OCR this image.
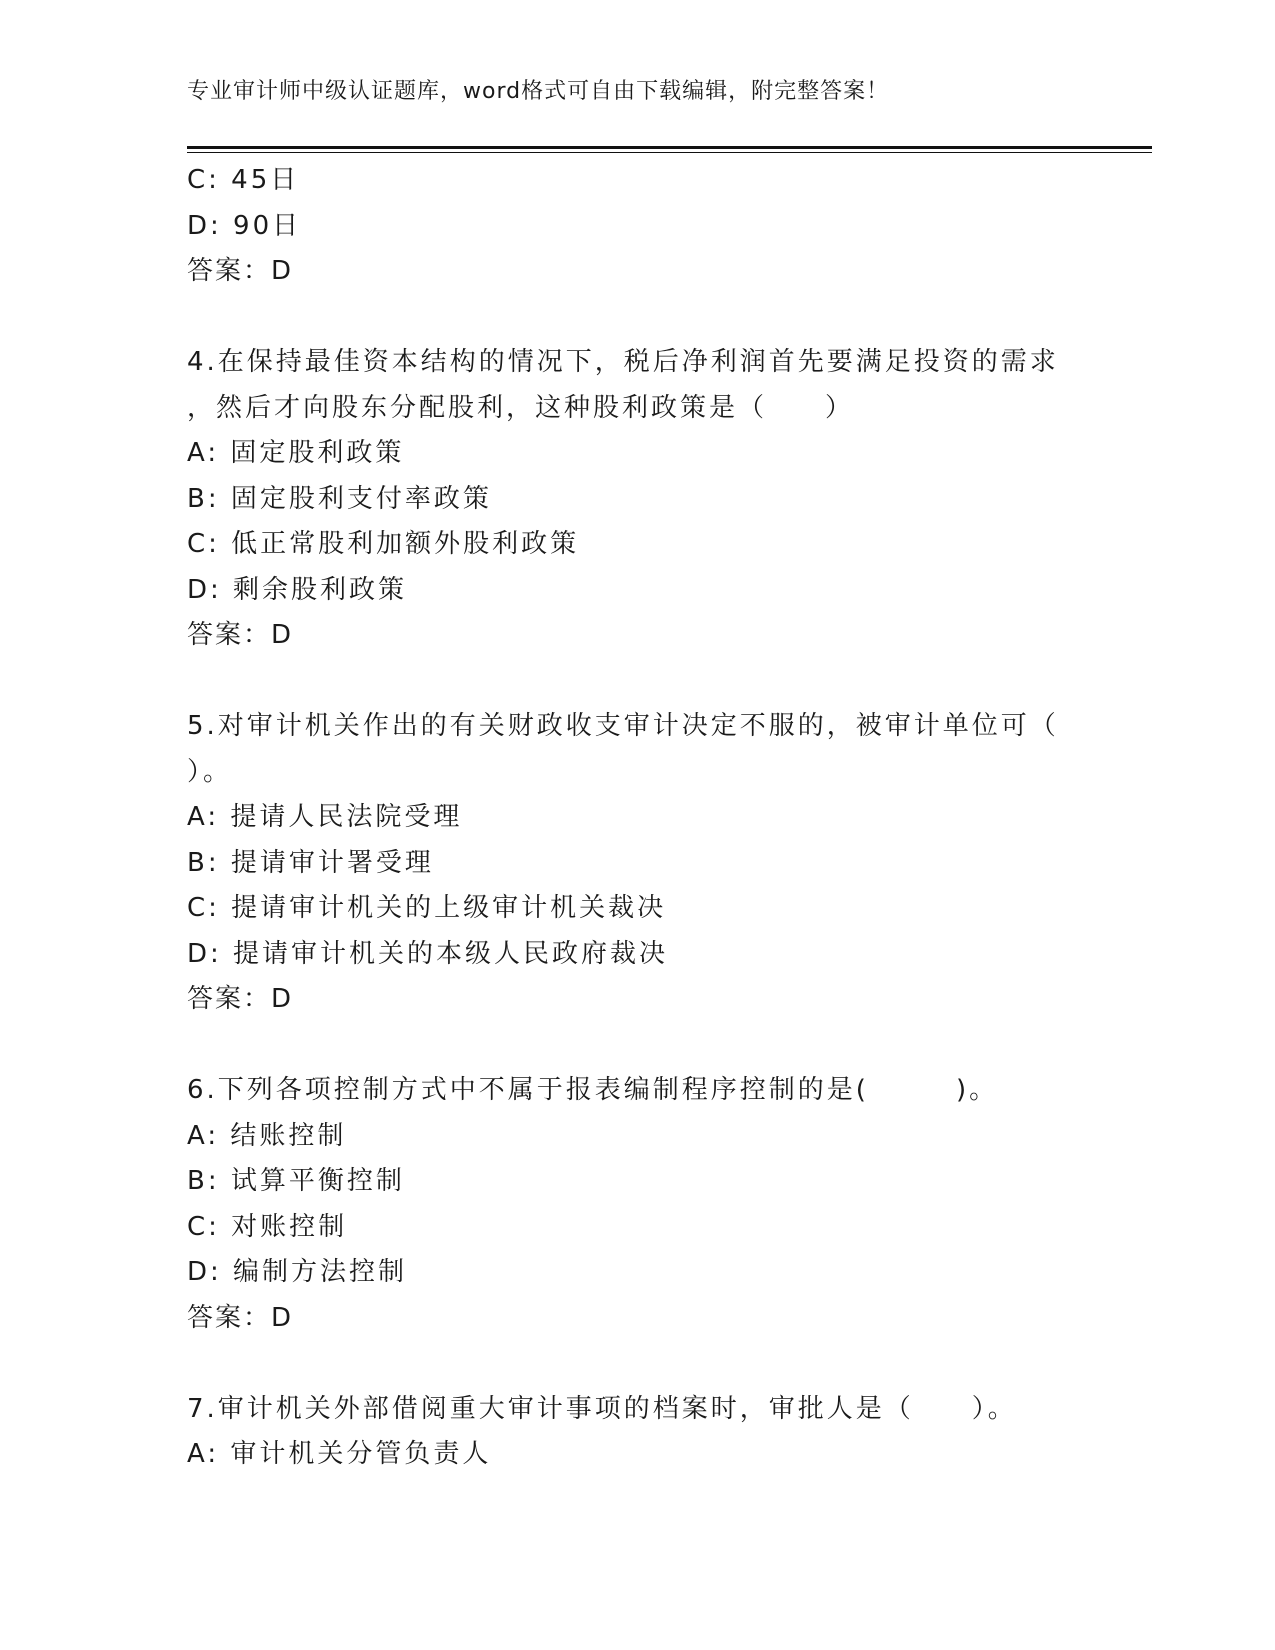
专业审计师中级认证题库，word格式可自由下载编辑，附完整答案！
C: 45日
D: 90日
答案：D
4.在保持最佳资本结构的情况下，税后净利润首先要满足投资的需求
，然后才向股东分配股利，这种股利政策是（　　）
A: 固定股利政策
B: 固定股利支付率政策
C: 低正常股利加额外股利政策
D: 剩余股利政策
答案：D
5.对审计机关作出的有关财政收支审计决定不服的，被审计单位可（
）。
A: 提请人民法院受理
B: 提请审计署受理
C: 提请审计机关的上级审计机关裁决
D: 提请审计机关的本级人民政府裁决
答案：D
6.下列各项控制方式中不属于报表编制程序控制的是(　　　)。
A: 结账控制
B: 试算平衡控制
C: 对账控制
D: 编制方法控制
答案：D
7.审计机关外部借阅重大审计事项的档案时，审批人是（　　）。
A: 审计机关分管负责人
